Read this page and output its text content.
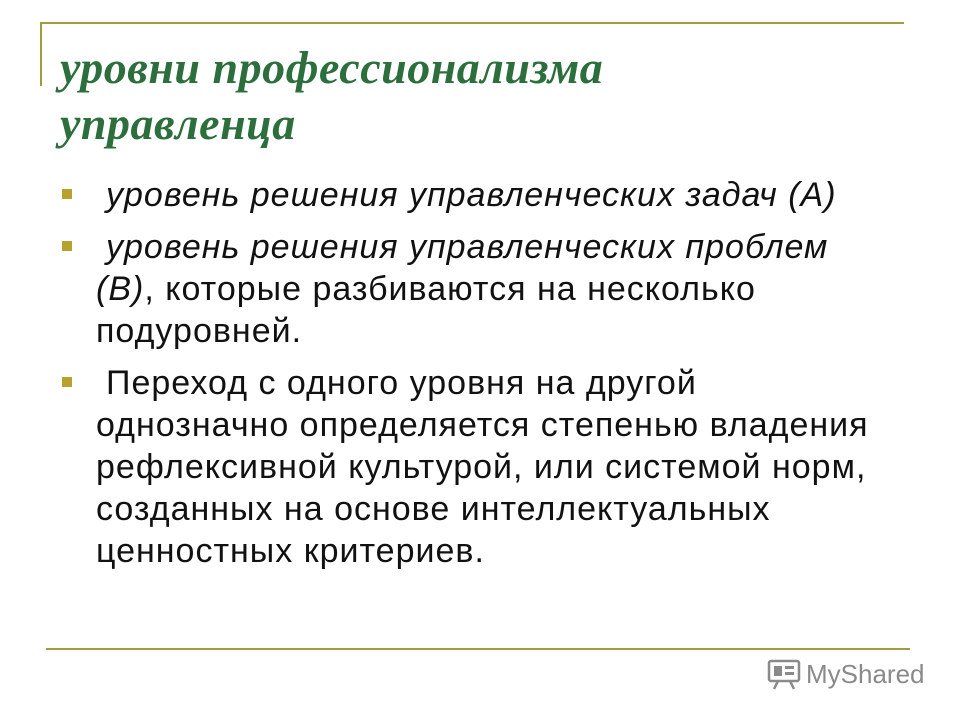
уровни профессионализма
управленца
уровень решения управленческих задач (А)
уровень решения управленческих проблем (В), которые разбиваются на несколько подуровней.
Переход с одного уровня на другой однозначно определяется степенью владения рефлексивной культурой, или системой норм, созданных на основе интеллектуальных ценностных критериев.
MyShared
